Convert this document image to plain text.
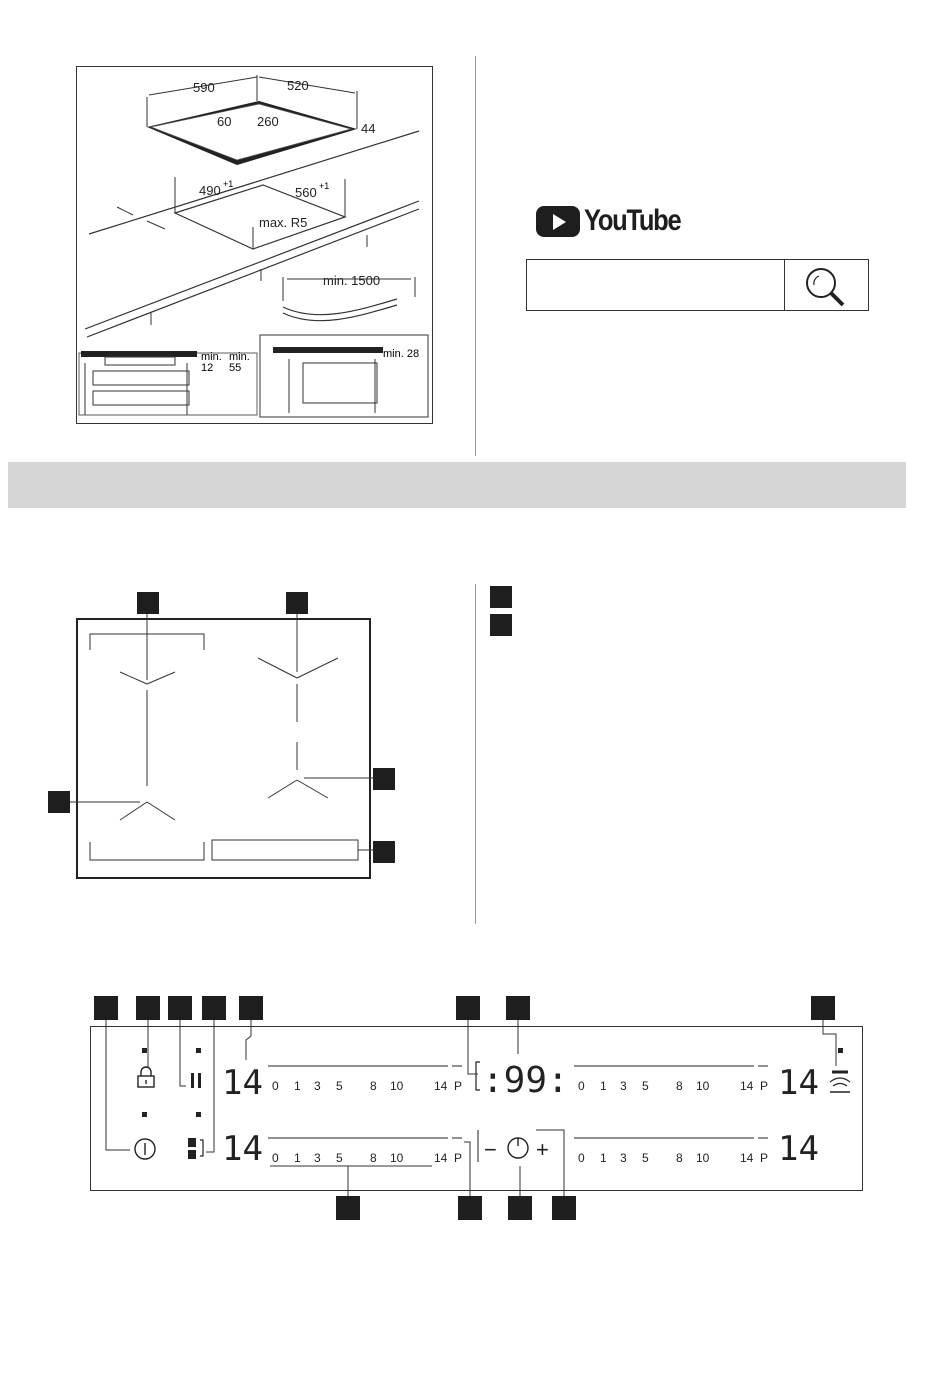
590	520
60 260	44
490 +1
560 +1
max. R5
min. 1500
min.
12
min.
55
min. 28
YouTube
− +
:99:
14
14
14
14
0 1 3 5 8 10	14 P
0 1 3 5 8 10	14 P
0 1 3 5 8 10	14 P
0 1 3 5 8 10	14 P
